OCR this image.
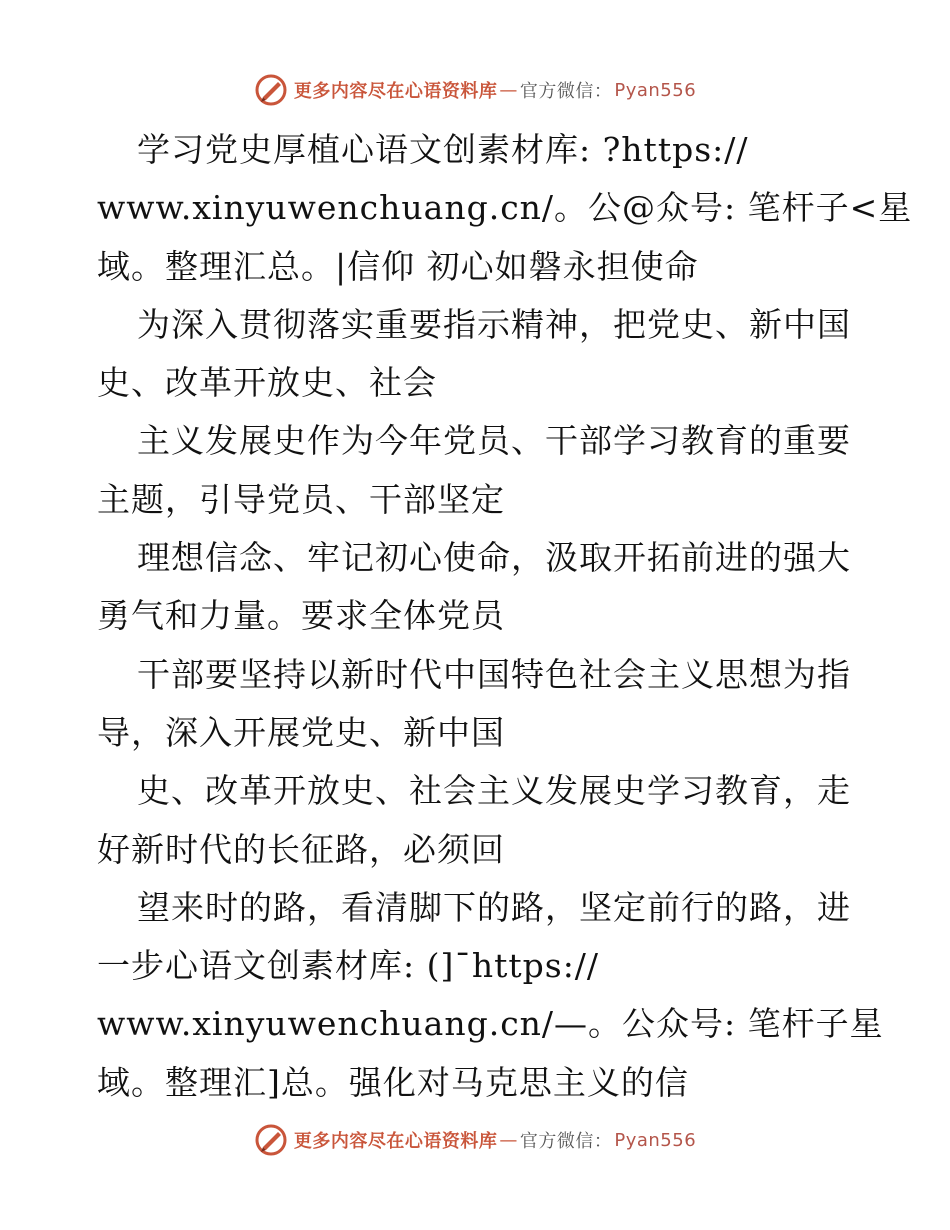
更多内容尽在心语资料库 — 官方微信： Pyan556
学习党史厚植心语文创素材库: ?https://
www.xinyuwenchuang.cn/。公@众号: 笔杆子<星
域。整理汇总。|信仰 初心如磐永担使命
为深入贯彻落实重要指示精神，把党史、新中国
史、改革开放史、社会
主义发展史作为今年党员、干部学习教育的重要
主题，引导党员、干部坚定
理想信念、牢记初心使命，汲取开拓前进的强大
勇气和力量。要求全体党员
干部要坚持以新时代中国特色社会主义思想为指
导，深入开展党史、新中国
史、改革开放史、社会主义发展史学习教育，走
好新时代的长征路，必须回
望来时的路，看清脚下的路，坚定前行的路，进
一步心语文创素材库: (]¯https://
www.xinyuwenchuang.cn/—。公众号: 笔杆子星
域。整理汇]总。强化对马克思主义的信
更多内容尽在心语资料库 — 官方微信： Pyan556
